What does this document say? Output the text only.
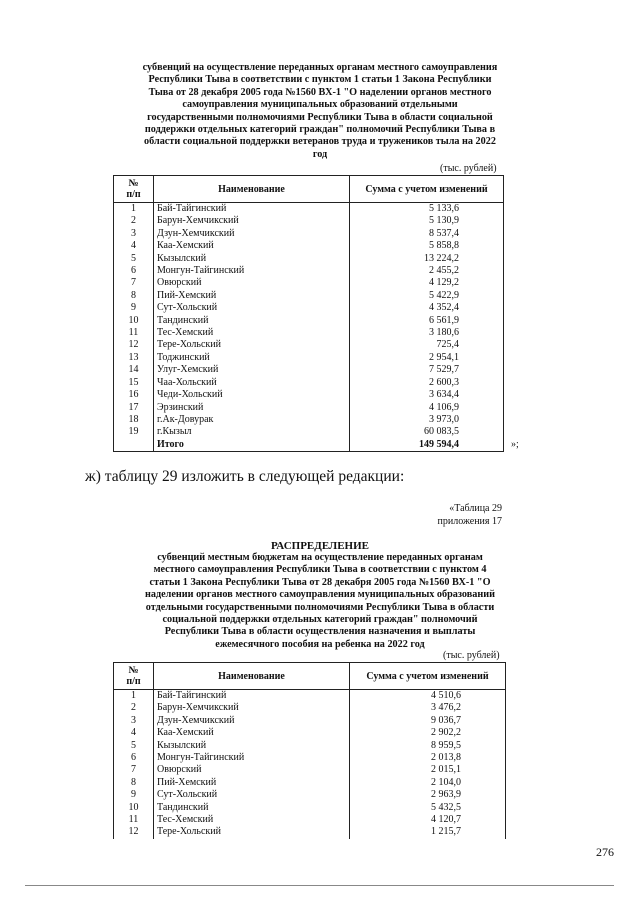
субвенций на осуществление переданных органам местного самоуправления
Республики Тыва в соответствии с пунктом 1 статьи 1 Закона Республики
Тыва от 28 декабря 2005 года №1560 ВХ-1 "О наделении органов местного
самоуправления муниципальных образований отдельными
государственными полномочиями Республики Тыва в области социальной
поддержки отдельных категорий граждан" полномочий Республики Тыва в
области социальной поддержки ветеранов труда и тружеников тыла на 2022
год
(тыс. рублей)
№
п/п	Наименование	Сумма с учетом изменений
1	Бай-Тайгинский	5 133,6
2	Барун-Хемчикский	5 130,9
3	Дзун-Хемчикский	8 537,4
4	Каа-Хемский	5 858,8
5	Кызылский	13 224,2
6	Монгун-Тайгинский	2 455,2
7	Овюрский	4 129,2
8	Пий-Хемский	5 422,9
9	Сут-Хольский	4 352,4
10	Тандинский	6 561,9
11	Тес-Хемский	3 180,6
12	Тере-Хольский	725,4
13	Тоджинский	2 954,1
14	Улуг-Хемский	7 529,7
15	Чаа-Хольский	2 600,3
16	Чеди-Хольский	3 634,4
17	Эрзинский	4 106,9
18	г.Ак-Довурак	3 973,0
19	г.Кызыл	60 083,5
	Итого	149 594,4	»;
ж) таблицу 29 изложить в следующей редакции:
«Таблица 29
приложения 17
РАСПРЕДЕЛЕНИЕ
субвенций местным бюджетам на осуществление переданных органам
местного самоуправления Республики Тыва в соответствии с пунктом 4
статьи 1 Закона Республики Тыва от 28 декабря 2005 года №1560 ВХ-1 "О
наделении органов местного самоуправления муниципальных образований
отдельными государственными полномочиями Республики Тыва в области
социальной поддержки отдельных категорий граждан" полномочий
Республики Тыва в области осуществления назначения и выплаты
ежемесячного пособия на ребенка на 2022 год
(тыс. рублей)
№
п/п	Наименование	Сумма с учетом изменений
1	Бай-Тайгинский	4 510,6
2	Барун-Хемчикский	3 476,2
3	Дзун-Хемчикский	9 036,7
4	Каа-Хемский	2 902,2
5	Кызылский	8 959,5
6	Монгун-Тайгинский	2 013,8
7	Овюрский	2 015,1
8	Пий-Хемский	2 104,0
9	Сут-Хольский	2 963,9
10	Тандинский	5 432,5
11	Тес-Хемский	4 120,7
12	Тере-Хольский	1 215,7
276
